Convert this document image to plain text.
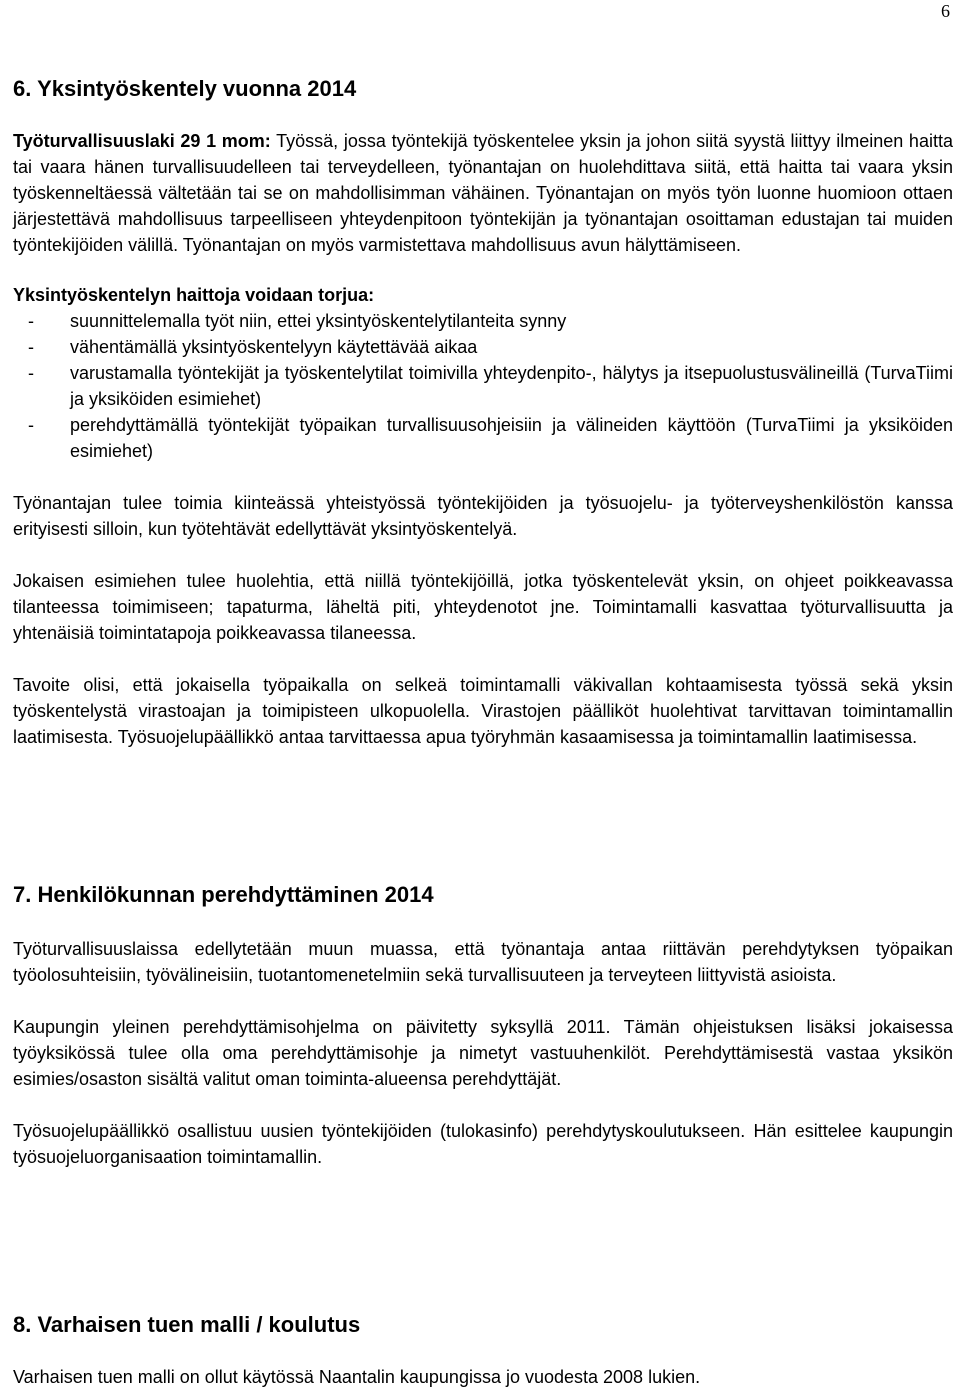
6
6. Yksintyöskentely vuonna 2014

Työturvallisuuslaki 29 1 mom: Työssä, jossa työntekijä työskentelee yksin ja johon siitä syystä liittyy ilmeinen haitta tai vaara hänen turvallisuudelleen tai terveydelleen, työnantajan on huolehdittava siitä, että haitta tai vaara yksin työskenneltäessä vältetään tai se on mahdollisimman vähäinen. Työnantajan on myös työn luonne huomioon ottaen järjestettävä mahdollisuus tarpeelliseen yhteydenpitoon työntekijän ja työnantajan osoittaman edustajan tai muiden työntekijöiden välillä. Työnantajan on myös varmistettava mahdollisuus avun hälyttämiseen.

Yksintyöskentelyn haittoja voidaan torjua:

- suunnittelemalla työt niin, ettei yksintyöskentelytilanteita synny
- vähentämällä yksintyöskentelyyn käytettävää aikaa
- varustamalla työntekijät ja työskentelytilat toimivilla yhteydenpito-, hälytys ja itsepuolustusvälineillä (TurvaTiimi ja yksiköiden esimiehet)
- perehdyttämällä työntekijät työpaikan turvallisuusohjeisiin ja välineiden käyttöön (TurvaTiimi ja yksiköiden esimiehet)

Työnantajan tulee toimia kiinteässä yhteistyössä työntekijöiden ja työsuojelu- ja työterveyshenkilöstön kanssa erityisesti silloin, kun työtehtävät edellyttävät yksintyöskentelyä.

Jokaisen esimiehen tulee huolehtia, että niillä työntekijöillä, jotka työskentelevät yksin, on ohjeet poikkeavassa tilanteessa toimimiseen; tapaturma, läheltä piti, yhteydenotot jne. Toimintamalli kasvattaa työturvallisuutta ja yhtenäisiä toimintatapoja poikkeavassa tilaneessa.

Tavoite olisi, että jokaisella työpaikalla on selkeä toimintamalli väkivallan kohtaamisesta työssä sekä yksin työskentelystä virastoajan ja toimipisteen ulkopuolella. Virastojen päälliköt huolehtivat tarvittavan toimintamallin laatimisesta. Työsuojelupäällikkö antaa tarvittaessa apua työryhmän kasaamisessa ja toimintamallin laatimisessa.

7. Henkilökunnan perehdyttäminen 2014

Työturvallisuuslaissa edellytetään muun muassa, että työnantaja antaa riittävän perehdytyksen työpaikan työolosuhteisiin, työvälineisiin, tuotantomenetelmiin sekä turvallisuuteen ja terveyteen liittyvistä asioista.

Kaupungin yleinen perehdyttämisohjelma on päivitetty syksyllä 2011. Tämän ohjeistuksen lisäksi jokaisessa työyksikössä tulee olla oma perehdyttämisohje ja nimetyt vastuuhenkilöt. Perehdyttämisestä vastaa yksikön esimies/osaston sisältä valitut oman toiminta-alueensa perehdyttäjät.

Työsuojelupäällikkö osallistuu uusien työntekijöiden (tulokasinfo) perehdytyskoulutukseen. Hän esittelee kaupungin työsuojeluorganisaation toimintamallin.

8. Varhaisen tuen malli / koulutus

Varhaisen tuen malli on ollut käytössä Naantalin kaupungissa jo vuodesta 2008 lukien.
